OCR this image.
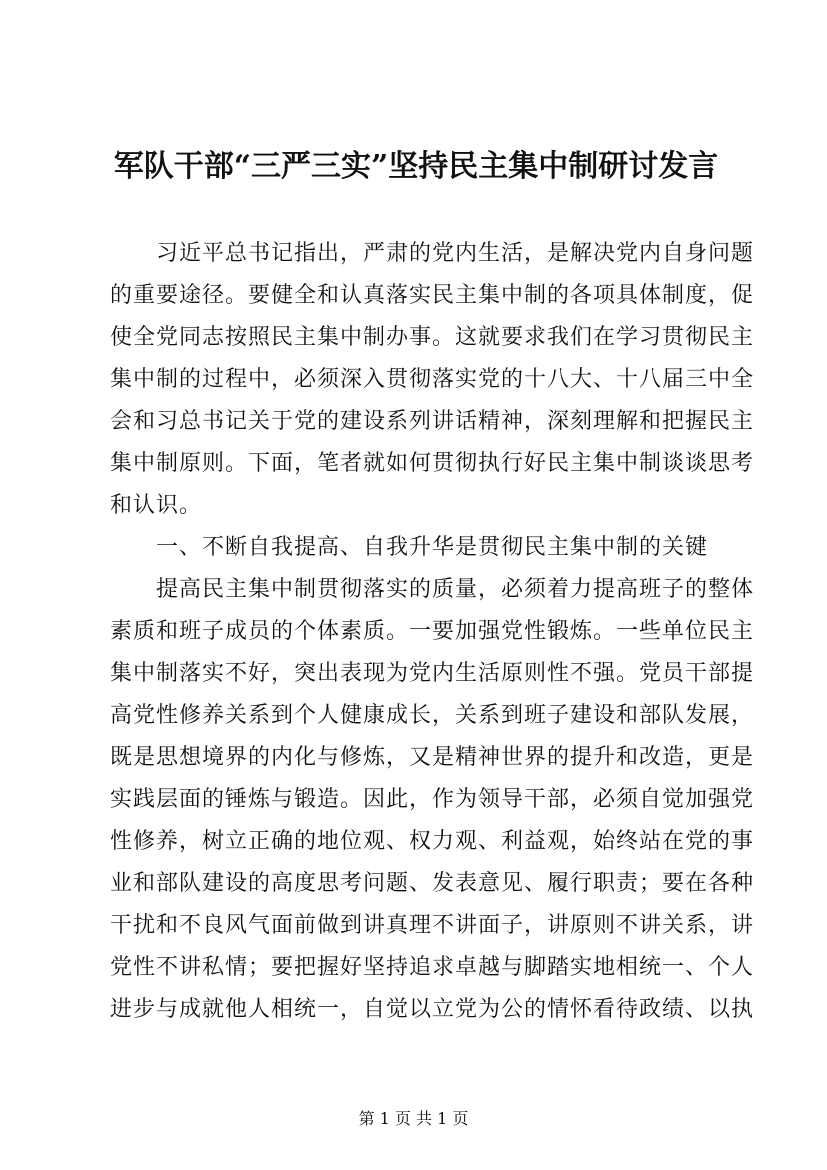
军队干部“三严三实”坚持民主集中制研讨发言

习近平总书记指出，严肃的党内生活，是解决党内自身问题

的重要途径。要健全和认真落实民主集中制的各项具体制度，促

使全党同志按照民主集中制办事。这就要求我们在学习贯彻民主

集中制的过程中，必须深入贯彻落实党的十八大、十八届三中全

会和习总书记关于党的建设系列讲话精神，深刻理解和把握民主

集中制原则。下面，笔者就如何贯彻执行好民主集中制谈谈思考

和认识。

一、不断自我提高、自我升华是贯彻民主集中制的关键

提高民主集中制贯彻落实的质量，必须着力提高班子的整体

素质和班子成员的个体素质。一要加强党性锻炼。一些单位民主

集中制落实不好，突出表现为党内生活原则性不强。党员干部提

高党性修养关系到个人健康成长，关系到班子建设和部队发展，

既是思想境界的内化与修炼，又是精神世界的提升和改造，更是

实践层面的锤炼与锻造。因此，作为领导干部，必须自觉加强党

性修养，树立正确的地位观、权力观、利益观，始终站在党的事

业和部队建设的高度思考问题、发表意见、履行职责；要在各种

干扰和不良风气面前做到讲真理不讲面子，讲原则不讲关系，讲

党性不讲私情；要把握好坚持追求卓越与脚踏实地相统一、个人

进步与成就他人相统一，自觉以立党为公的情怀看待政绩、以执

第 1 页 共 1 页
